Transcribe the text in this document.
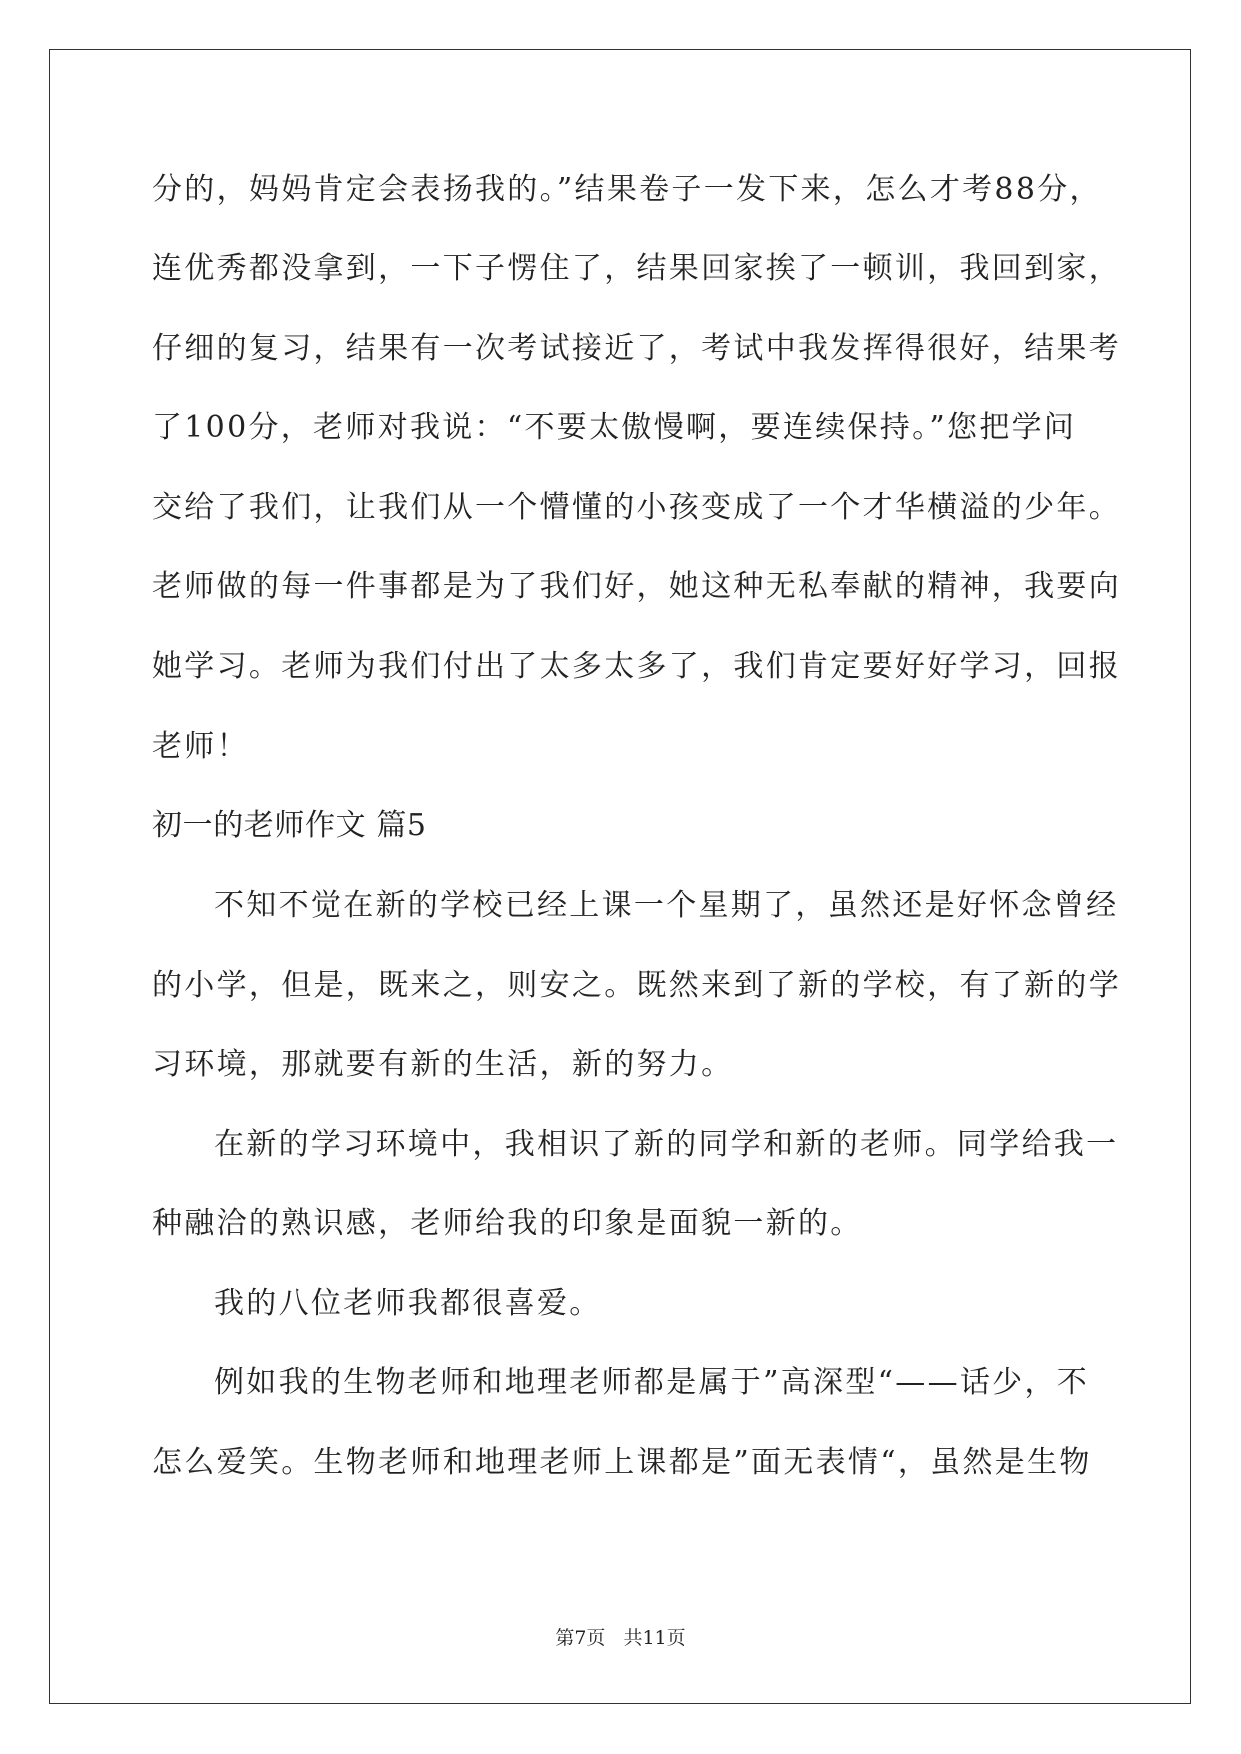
分的，妈妈肯定会表扬我的。”结果卷子一发下来，怎么才考88分，
连优秀都没拿到，一下子愣住了，结果回家挨了一顿训，我回到家，
仔细的复习，结果有一次考试接近了，考试中我发挥得很好，结果考
了100分，老师对我说：“不要太傲慢啊，要连续保持。”您把学问
交给了我们，让我们从一个懵懂的小孩变成了一个才华横溢的少年。
老师做的每一件事都是为了我们好，她这种无私奉献的精神，我要向
她学习。老师为我们付出了太多太多了，我们肯定要好好学习，回报
老师！
初一的老师作文 篇5
不知不觉在新的学校已经上课一个星期了，虽然还是好怀念曾经
的小学，但是，既来之，则安之。既然来到了新的学校，有了新的学
习环境，那就要有新的生活，新的努力。
在新的学习环境中，我相识了新的同学和新的老师。同学给我一
种融洽的熟识感，老师给我的印象是面貌一新的。
我的八位老师我都很喜爱。
例如我的生物老师和地理老师都是属于”高深型“——话少，不
怎么爱笑。生物老师和地理老师上课都是”面无表情“，虽然是生物
第7页 共11页
